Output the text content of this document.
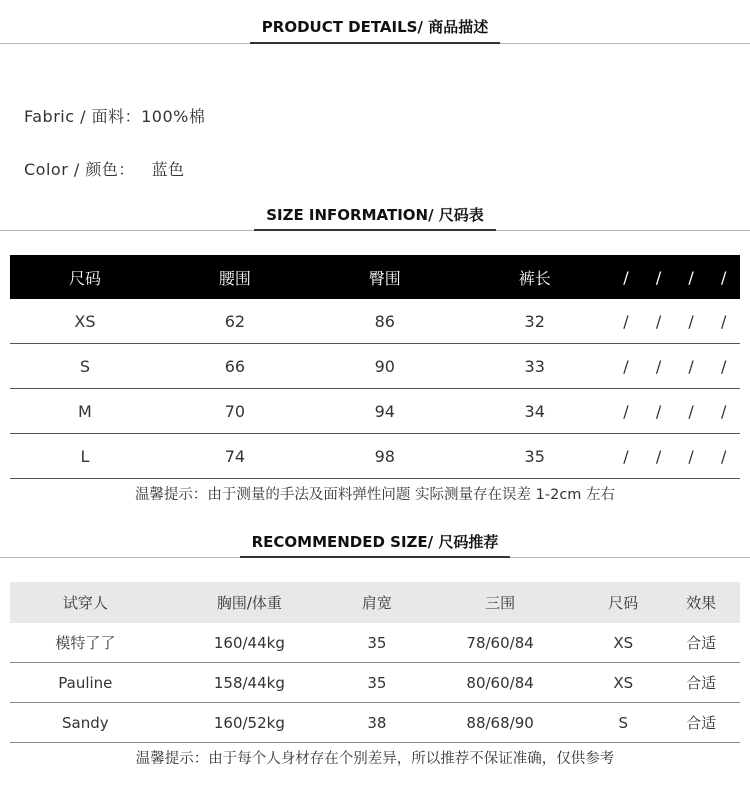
PRODUCT DETAILS/ 商品描述
Fabric / 面料：100%棉
Color / 颜色：   蓝色
SIZE INFORMATION/ 尺码表
尺码	腰围	臀围	裤长	/	/	/	/
XS	62	86	32	/	/	/	/
S	66	90	33	/	/	/	/
M	70	94	34	/	/	/	/
L	74	98	35	/	/	/	/
温馨提示：由于测量的手法及面料弹性问题 实际测量存在误差 1-2cm 左右
RECOMMENDED SIZE/ 尺码推荐
试穿人	胸围/体重	肩宽	三围	尺码	效果
模特了了	160/44kg	35	78/60/84	XS	合适
Pauline	158/44kg	35	80/60/84	XS	合适
Sandy	160/52kg	38	88/68/90	S	合适
温馨提示：由于每个人身材存在个别差异，所以推荐不保证准确，仅供参考
